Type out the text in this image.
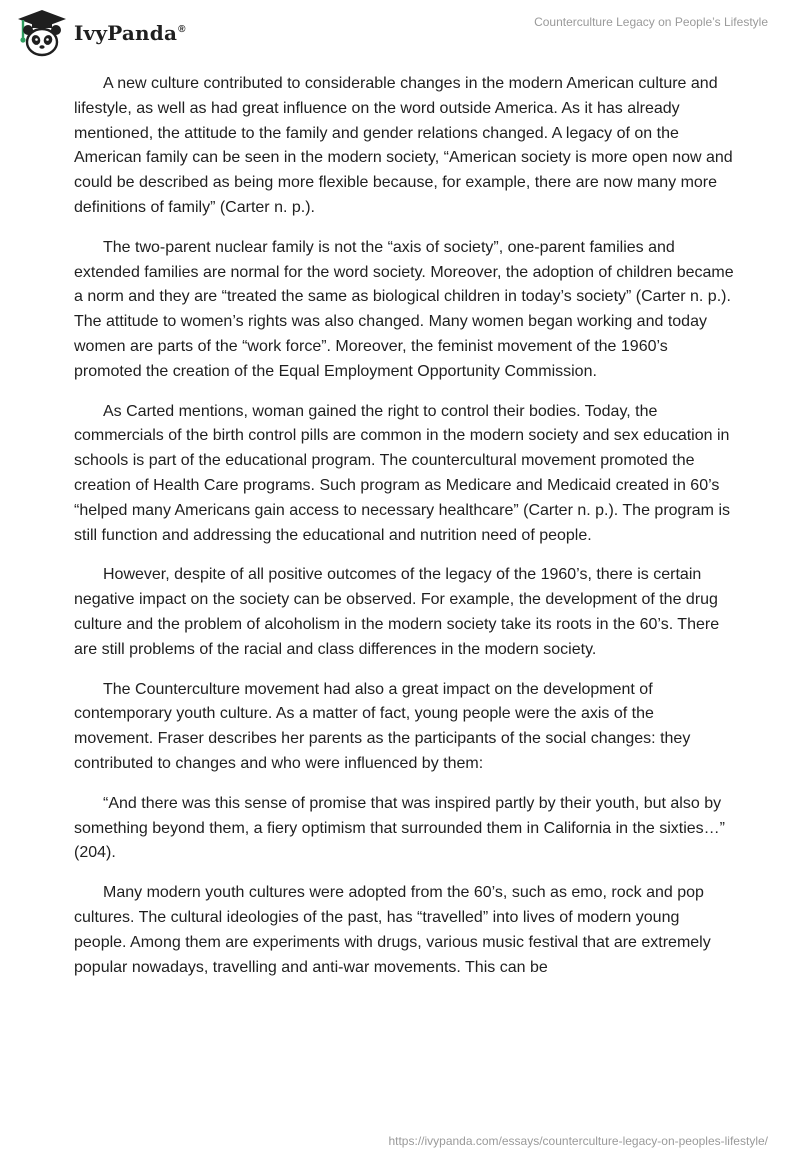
IvyPanda®
Counterculture Legacy on People’s Lifestyle

A new culture contributed to considerable changes in the modern American culture and lifestyle, as well as had great influence on the word outside America. As it has already mentioned, the attitude to the family and gender relations changed. A legacy of on the American family can be seen in the modern society, “American society is more open now and could be described as being more flexible because, for example, there are now many more definitions of family” (Carter n. p.).

The two-parent nuclear family is not the “axis of society”, one-parent families and extended families are normal for the word society. Moreover, the adoption of children became a norm and they are “treated the same as biological children in today’s society” (Carter n. p.). The attitude to women’s rights was also changed. Many women began working and today women are parts of the “work force”. Moreover, the feminist movement of the 1960’s promoted the creation of the Equal Employment Opportunity Commission.

As Carted mentions, woman gained the right to control their bodies. Today, the commercials of the birth control pills are common in the modern society and sex education in schools is part of the educational program. The countercultural movement promoted the creation of Health Care programs. Such program as Medicare and Medicaid created in 60’s “helped many Americans gain access to necessary healthcare” (Carter n. p.). The program is still function and addressing the educational and nutrition need of people.

However, despite of all positive outcomes of the legacy of the 1960’s, there is certain negative impact on the society can be observed. For example, the development of the drug culture and the problem of alcoholism in the modern society take its roots in the 60’s. There are still problems of the racial and class differences in the modern society.

The Counterculture movement had also a great impact on the development of contemporary youth culture. As a matter of fact, young people were the axis of the movement. Fraser describes her parents as the participants of the social changes: they contributed to changes and who were influenced by them:

“And there was this sense of promise that was inspired partly by their youth, but also by something beyond them, a fiery optimism that surrounded them in California in the sixties…” (204).

Many modern youth cultures were adopted from the 60’s, such as emo, rock and pop cultures. The cultural ideologies of the past, has “travelled” into lives of modern young people. Among them are experiments with drugs, various music festival that are extremely popular nowadays, travelling and anti-war movements. This can be

https://ivypanda.com/essays/counterculture-legacy-on-peoples-lifestyle/
